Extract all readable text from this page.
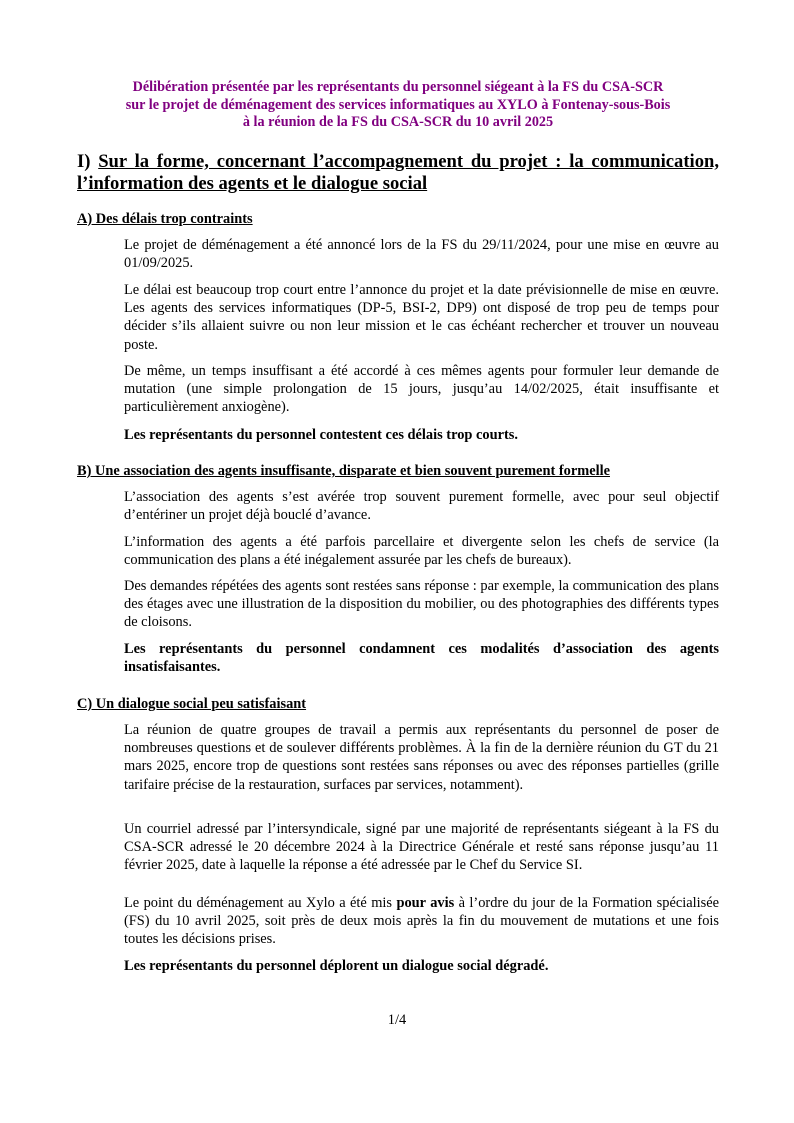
Délibération présentée par les représentants du personnel siégeant à la FS du CSA-SCR
sur le projet de déménagement des services informatiques au XYLO à Fontenay-sous-Bois
à la réunion de la FS du CSA-SCR du 10 avril 2025
I) Sur la forme, concernant l’accompagnement du projet : la communication, l’information des agents et le dialogue social
A) Des délais trop contraints

Le projet de déménagement a été annoncé lors de la FS du 29/11/2024, pour une mise en œuvre au 01/09/2025.

Le délai est beaucoup trop court entre l’annonce du projet et la date prévisionnelle de mise en œuvre. Les agents des services informatiques (DP-5, BSI-2, DP9) ont disposé de trop peu de temps pour décider s’ils allaient suivre ou non leur mission et le cas échéant rechercher et trouver un nouveau poste.

De même, un temps insuffisant a été accordé à ces mêmes agents pour formuler leur demande de mutation (une simple prolongation de 15 jours, jusqu’au 14/02/2025, était insuffisante et particulièrement anxiogène).

Les représentants du personnel contestent ces délais trop courts.

B) Une association des agents insuffisante, disparate et bien souvent purement formelle

L’association des agents s’est avérée trop souvent purement formelle, avec pour seul objectif d’entériner un projet déjà bouclé d’avance.

L’information des agents a été parfois parcellaire et divergente selon les chefs de service (la communication des plans a été inégalement assurée par les chefs de bureaux).

Des demandes répétées des agents sont restées sans réponse : par exemple, la communication des plans des étages avec une illustration de la disposition du mobilier, ou des photographies des différents types de cloisons.

Les représentants du personnel condamnent ces modalités d’association des agents insatisfaisantes.

C) Un dialogue social peu satisfaisant

La réunion de quatre groupes de travail a permis aux représentants du personnel de poser de nombreuses questions et de soulever différents problèmes. À la fin de la dernière réunion du GT du 21 mars 2025, encore trop de questions sont restées sans réponses ou avec des réponses partielles (grille tarifaire précise de la restauration, surfaces par services, notamment).

Un courriel adressé par l’intersyndicale, signé par une majorité de représentants siégeant à la FS du CSA-SCR adressé le 20 décembre 2024 à la Directrice Générale et resté sans réponse jusqu’au 11 février 2025, date à laquelle la réponse a été adressée par le Chef du Service SI.

Le point du déménagement au Xylo a été mis pour avis à l’ordre du jour de la Formation spécialisée (FS) du 10 avril 2025, soit près de deux mois après la fin du mouvement de mutations et une fois toutes les décisions prises.

Les représentants du personnel déplorent un dialogue social dégradé.

1/4
